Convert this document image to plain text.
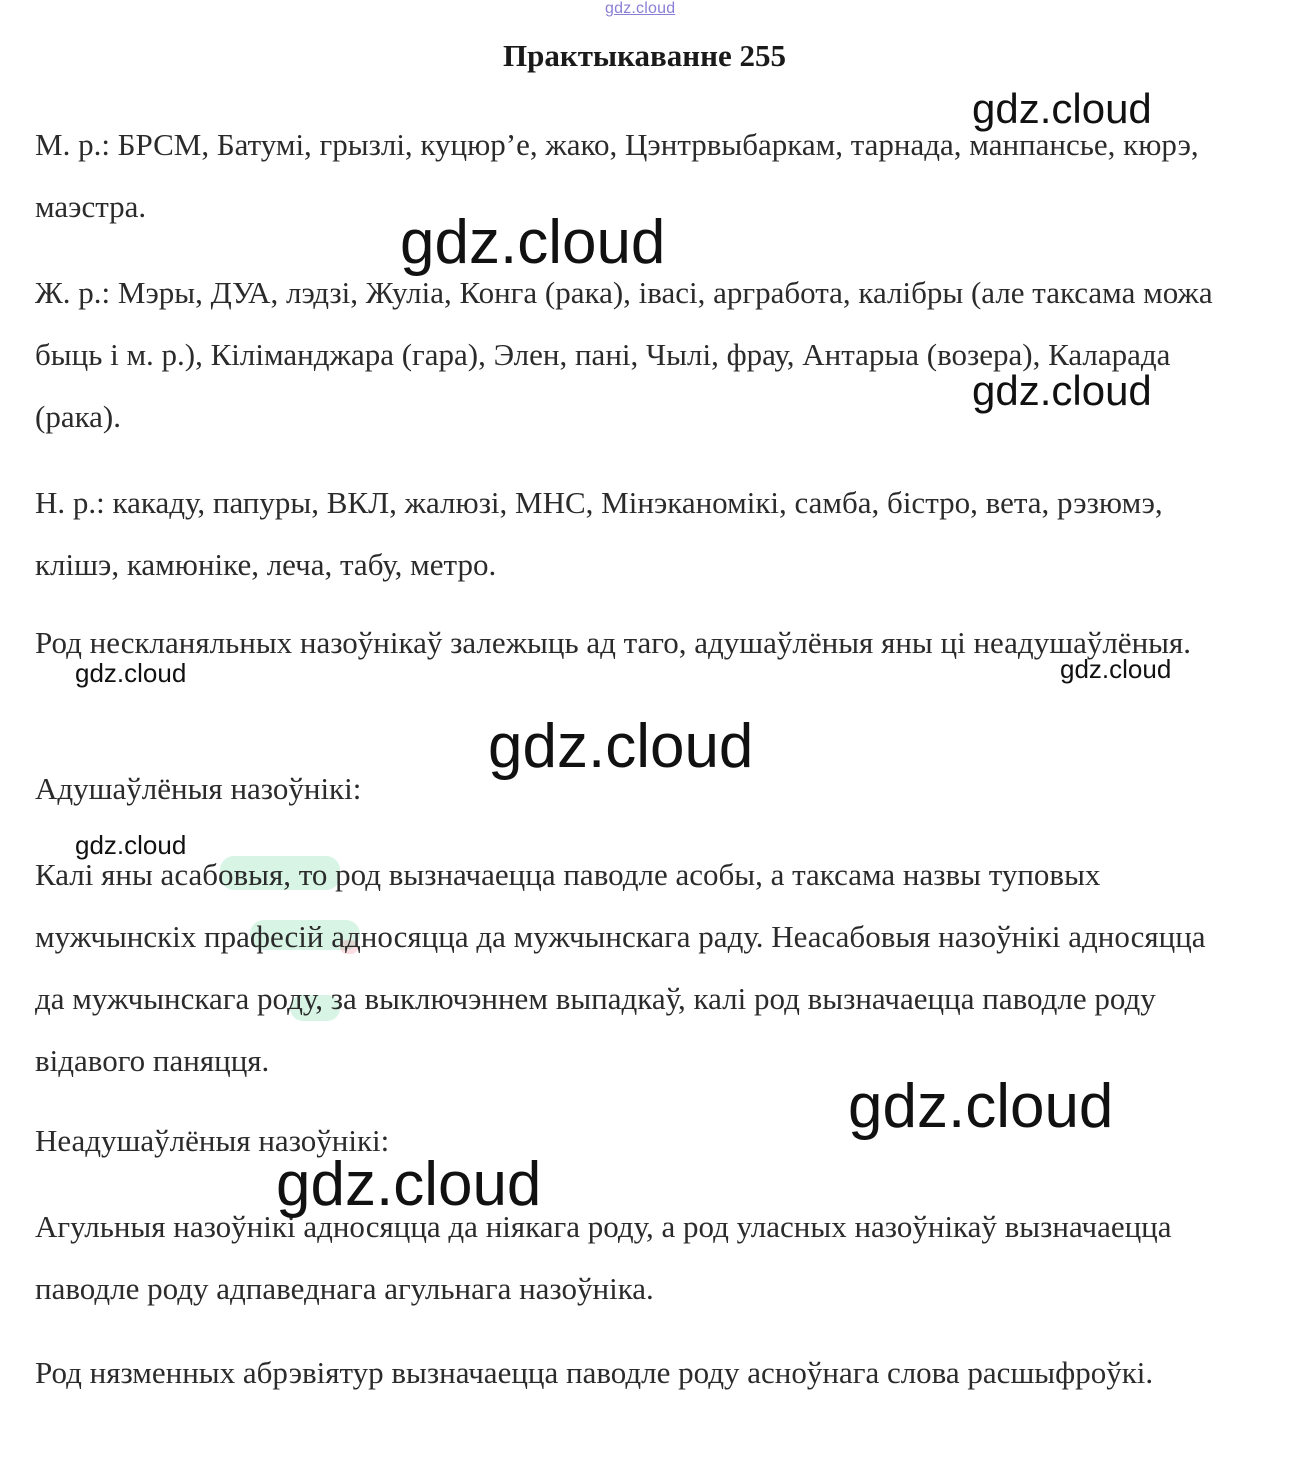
gdz.cloud
Практыкаванне 255

М. р.: БРСМ, Батумі, грызлі, куцюр’е, жако, Цэнтрвыбаркам, тарнада, манпансье, кюрэ, маэстра.

Ж. р.: Мэры, ДУА, лэдзі, Жуліа, Конга (рака), івасі, аргработа, калібры (але таксама можа быць і м. р.), Кіліманджара (гара), Элен, пані, Чылі, фрау, Антарыа (возера), Каларада (рака).

Н. р.: какаду, папуры, ВКЛ, жалюзі, МНС, Мінэканомікі, самба, бістро, вета, рэзюмэ, клішэ, камюніке, леча, табу, метро.

Род нескланяльных назоўнікаў залежыць ад таго, адушаўлёныя яны ці неадушаўлёныя.

Адушаўлёныя назоўнікі:

Калі яны асабовыя, то род вызначаецца паводле асобы, а таксама назвы туповых мужчынскіх прафесій адносяцца да мужчынскага раду. Неасабовыя назоўнікі адносяцца да мужчынскага роду, за выключэннем выпадкаў, калі род вызначаецца паводле роду відавого паняцця.

Неадушаўлёныя назоўнікі:

Агульныя назоўнікі адносяцца да ніякага роду, а род уласных назоўнікаў вызначаецца паводле роду адпаведнага агульнага назоўніка.

Род нязменных абрэвіятур вызначаецца паводле роду асноўнага слова расшыфроўкі.

gdz.cloud
gdz.cloud
gdz.cloud
gdz.cloud	gdz.cloud
gdz.cloud
gdz.cloud
gdz.cloud
gdz.cloud
